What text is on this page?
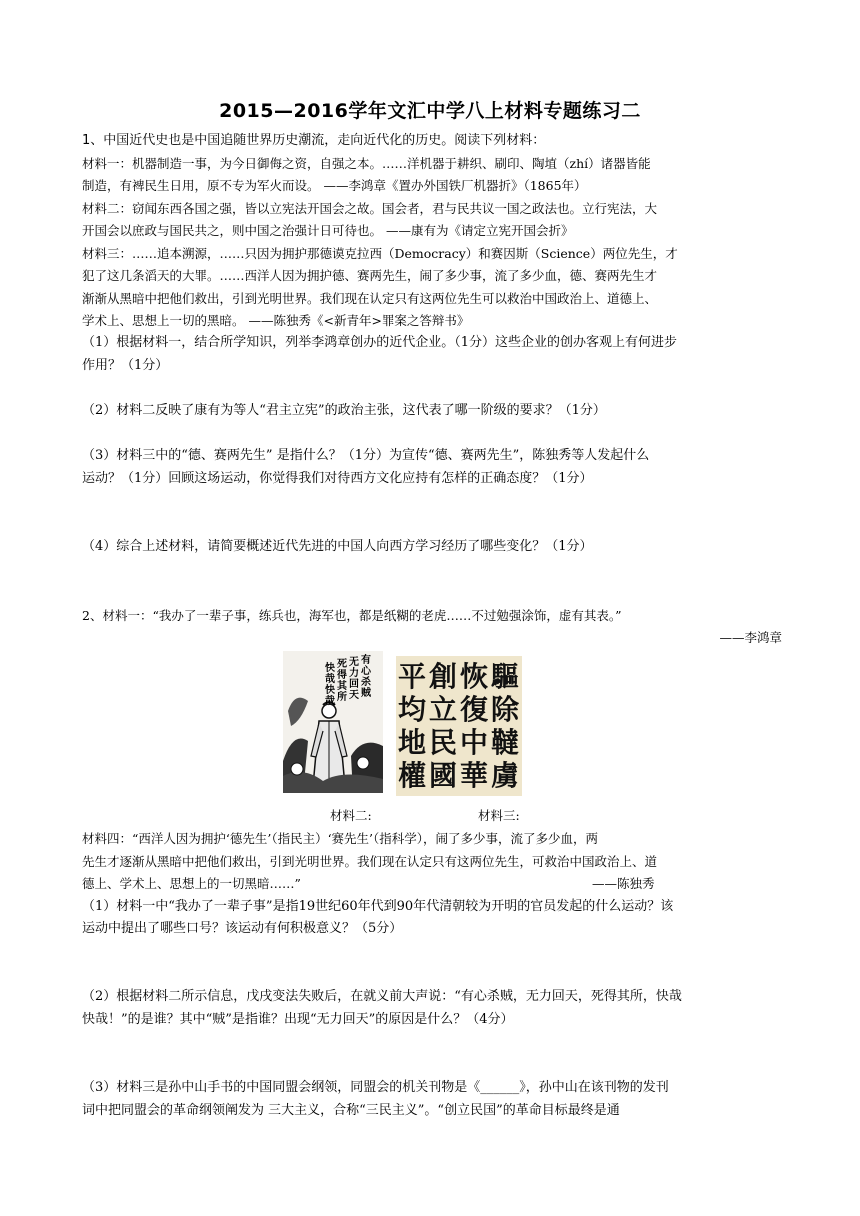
2015—2016学年文汇中学八上材料专题练习二
1、中国近代史也是中国追随世界历史潮流，走向近代化的历史。阅读下列材料：
材料一：机器制造一事，为今日御侮之资，自强之本。……洋机器于耕织、刷印、陶埴（zhí）诸器皆能
制造，有裨民生日用，原不专为军火而设。 ——李鸿章《置办外国铁厂机器折》（1865年）
材料二：窃闻东西各国之强，皆以立宪法开国会之故。国会者，君与民共议一国之政法也。立行宪法，大
开国会以庶政与国民共之，则中国之治强计日可待也。 ——康有为《请定立宪开国会折》
材料三：……追本溯源，……只因为拥护那德谟克拉西（Democracy）和赛因斯（Science）两位先生，才
犯了这几条滔天的大罪。……西洋人因为拥护德、赛两先生，闹了多少事，流了多少血，德、赛两先生才
渐渐从黑暗中把他们救出，引到光明世界。我们现在认定只有这两位先生可以救治中国政治上、道德上、
学术上、思想上一切的黑暗。 ——陈独秀《<新青年>罪案之答辩书》
（1）根据材料一，结合所学知识，列举李鸿章创办的近代企业。（1分）这些企业的创办客观上有何进步
作用？（1分）
（2）材料二反映了康有为等人“君主立宪”的政治主张，这代表了哪一阶级的要求？（1分）
（3）材料三中的“德、赛两先生” 是指什么？（1分）为宣传“德、赛两先生”，陈独秀等人发起什么
运动？（1分）回顾这场运动，你觉得我们对待西方文化应持有怎样的正确态度？（1分）
（4）综合上述材料，请简要概述近代先进的中国人向西方学习经历了哪些变化？（1分）
2、材料一：“我办了一辈子事，练兵也，海军也，都是纸糊的老虎……不过勉强涂饰，虚有其表。”
——李鸿章
有心杀贼
无力回天
死得其所
快哉快哉
驅除韃虜
恢復中華
創立民國
平均地權
材料二:	材料三:
材料四：“西洋人因为拥护‘德先生’（指民主）‘赛先生’（指科学），闹了多少事，流了多少血，两
先生才逐渐从黑暗中把他们救出，引到光明世界。我们现在认定只有这两位先生，可救治中国政治上、道
德上、学术上、思想上的一切黑暗……”	——陈独秀
（1）材料一中“我办了一辈子事”是指19世纪60年代到90年代清朝较为开明的官员发起的什么运动？该
运动中提出了哪些口号？该运动有何积极意义？（5分）
（2）根据材料二所示信息，戊戌变法失败后，在就义前大声说：“有心杀贼，无力回天，死得其所，快哉
快哉！”的是谁？其中“贼”是指谁？出现“无力回天”的原因是什么？（4分）
（3）材料三是孙中山手书的中国同盟会纲领，同盟会的机关刊物是《______》，孙中山在该刊物的发刊
词中把同盟会的革命纲领阐发为 三大主义，合称“三民主义”。“创立民国”的革命目标最终是通
